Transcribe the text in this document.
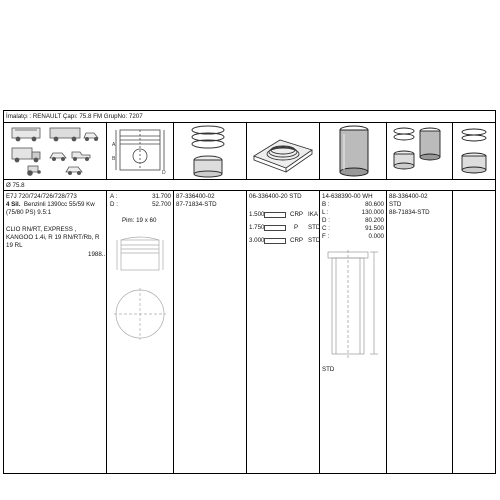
İmalatçı : RENAULT Çapı: 75.8 FM GrupNo: 7207
A
B
D
Ø 75.8
E7J 720/724/726/728/773
4 Sil. Benzinli 1390cc 55/59 Kw
(75/80 PS) 9.5:1
CLIO RN/RT, EXPRESS ,
KANGOO 1.4i, R 19 RN/RT/Rb, R
19 RL
1988..
A :	31.700
D :	52.700
Pim: 19 x 60
87-336400-02
87-71834-STD
06-336400-20 STD
1.500	CRP IKA
1.750	P STD
3.000	CRP STD
14-638390-00 WH
B :	80.600
L :	130.000
D :	80.200
C :	91.500
F :	0.000
STD
88-336400-02
STD
88-71834-STD
